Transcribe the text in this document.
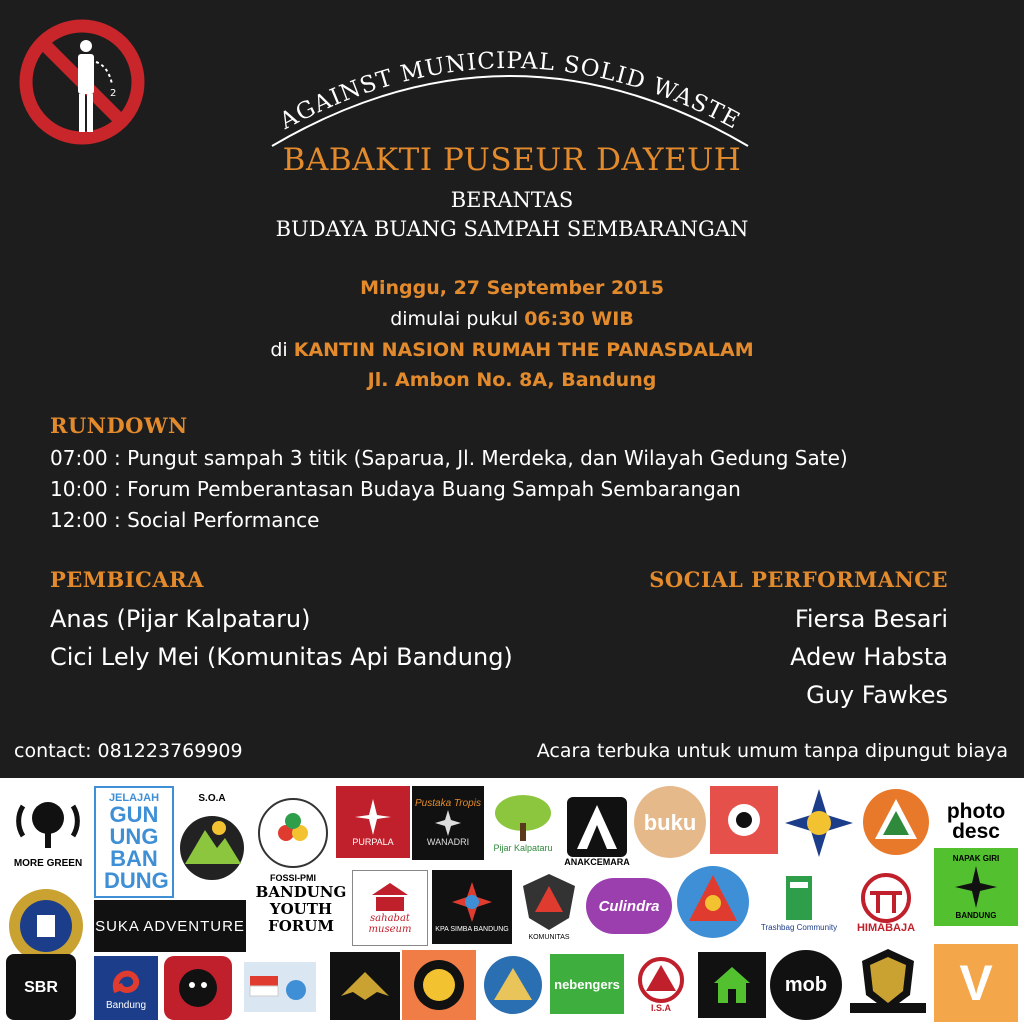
2
AGAINST MUNICIPAL SOLID WASTE
BABAKTI PUSEUR DAYEUH
BERANTAS
BUDAYA BUANG SAMPAH SEMBARANGAN
Minggu, 27 September 2015
dimulai pukul 06:30 WIB
di KANTIN NASION RUMAH THE PANASDALAM
Jl. Ambon No. 8A, Bandung
RUNDOWN
07:00 : Pungut sampah 3 titik (Saparua, Jl. Merdeka, dan Wilayah Gedung Sate)
10:00 : Forum Pemberantasan Budaya Buang Sampah Sembarangan
12:00 : Social Performance
PEMBICARA
Anas (Pijar Kalpataru)
Cici Lely Mei (Komunitas Api Bandung)
SOCIAL PERFORMANCE
Fiersa Besari
Adew Habsta
Guy Fawkes
contact: 081223769909	Acara terbuka untuk umum tanpa dipungut biaya
MORE GREEN
JELAJAH
GUN UNG BAN DUNG
S.O.A
FOSSI-PMI
PURPALA
Pustaka Tropis
WANADRI
Pijar Kalpataru
ANAKCEMARA
buku	photo
desc
BANDUNG YOUTH FORUM	sahabat museum	KPA SIMBA BANDUNG
KOMUNITAS
Culindra
Trashbag Community HIMABAJA
NAPAK GIRI
BANDUNG
SUKA ADVENTURE
SBR
Bandung
nebengers
I.S.A
mob	V
